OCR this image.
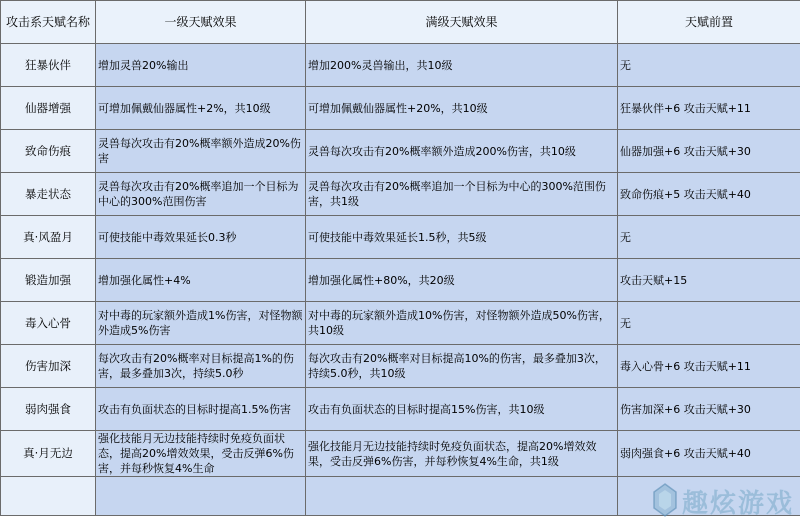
攻击系天赋名称	一级天赋效果	满级天赋效果	天赋前置
狂暴伙伴	增加灵兽20%输出	增加200%灵兽输出，共10级	无
仙器增强	可增加佩戴仙器属性+2%，共10级	可增加佩戴仙器属性+20%，共10级	狂暴伙伴+6 攻击天赋+11
致命伤痕	灵兽每次攻击有20%概率额外造成20%伤害	灵兽每次攻击有20%概率额外造成200%伤害，共10级	仙器加强+6 攻击天赋+30
暴走状态	灵兽每次攻击有20%概率追加一个目标为中心的300%范围伤害	灵兽每次攻击有20%概率追加一个目标为中心的300%范围伤害，共1级	致命伤痕+5 攻击天赋+40
真·风盈月	可使技能中毒效果延长0.3秒	可使技能中毒效果延长1.5秒，共5级	无
锻造加强	增加强化属性+4%	增加强化属性+80%，共20级	攻击天赋+15
毒入心骨	对中毒的玩家额外造成1%伤害，对怪物额外造成5%伤害	对中毒的玩家额外造成10%伤害，对怪物额外造成50%伤害，共10级	无
伤害加深	每次攻击有20%概率对目标提高1%的伤害，最多叠加3次，持续5.0秒	每次攻击有20%概率对目标提高10%的伤害，最多叠加3次，持续5.0秒，共10级	毒入心骨+6 攻击天赋+11
弱肉强食	攻击有负面状态的目标时提高1.5%伤害	攻击有负面状态的目标时提高15%伤害，共10级	伤害加深+6 攻击天赋+30
真·月无边	强化技能月无边技能持续时免疫负面状态，提高20%增效效果，受击反弹6%伤害，并每秒恢复4%生命	强化技能月无边技能持续时免疫负面状态，提高20%增效效果，受击反弹6%伤害，并每秒恢复4%生命，共1级	弱肉强食+6 攻击天赋+40

趣炫游戏
